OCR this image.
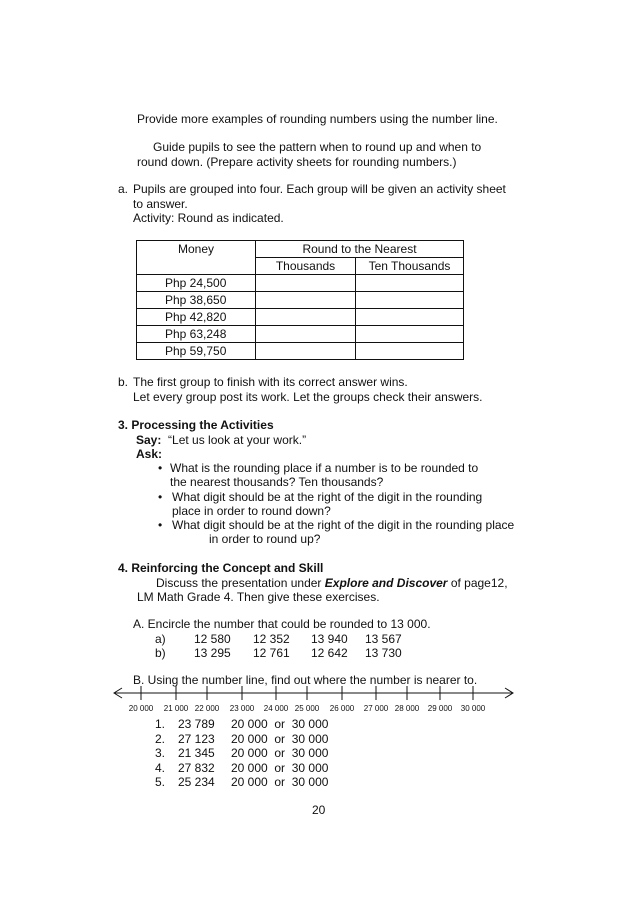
Provide more examples of rounding numbers using the number line.
Guide pupils to see the pattern when to round up and when to
round down. (Prepare activity sheets for rounding numbers.)
a. Pupils are grouped into four. Each group will be given an activity sheet
to answer.
Activity: Round as indicated.
Money	Round to the Nearest	
	Thousands	Ten Thousands
Php 24,500		
Php 38,650		
Php 42,820		
Php 63,248		
Php 59,750		
b. The first group to finish with its correct answer wins.
Let every group post its work. Let the groups check their answers.
3. Processing the Activities
Say: “Let us look at your work.”
Ask:
• What is the rounding place if a number is to be rounded to
the nearest thousands? Ten thousands?
• What digit should be at the right of the digit in the rounding
place in order to round down?
• What digit should be at the right of the digit in the rounding place
in order to round up?
4. Reinforcing the Concept and Skill
Discuss the presentation under Explore and Discover of page12,
LM Math Grade 4. Then give these exercises.
A. Encircle the number that could be rounded to 13 000.
a) 12 580 12 352 13 940 13 567
b) 13 295 12 761 12 642 13 730
B. Using the number line, find out where the number is nearer to.
20 000 21 000 22 000 23 000 24 000 25 000 26 000 27 000 28 000 29 000 30 000
1. 23 789 20 000  or  30 000
2. 27 123 20 000  or  30 000
3. 21 345 20 000  or  30 000
4. 27 832 20 000  or  30 000
5. 25 234 20 000  or  30 000
20
